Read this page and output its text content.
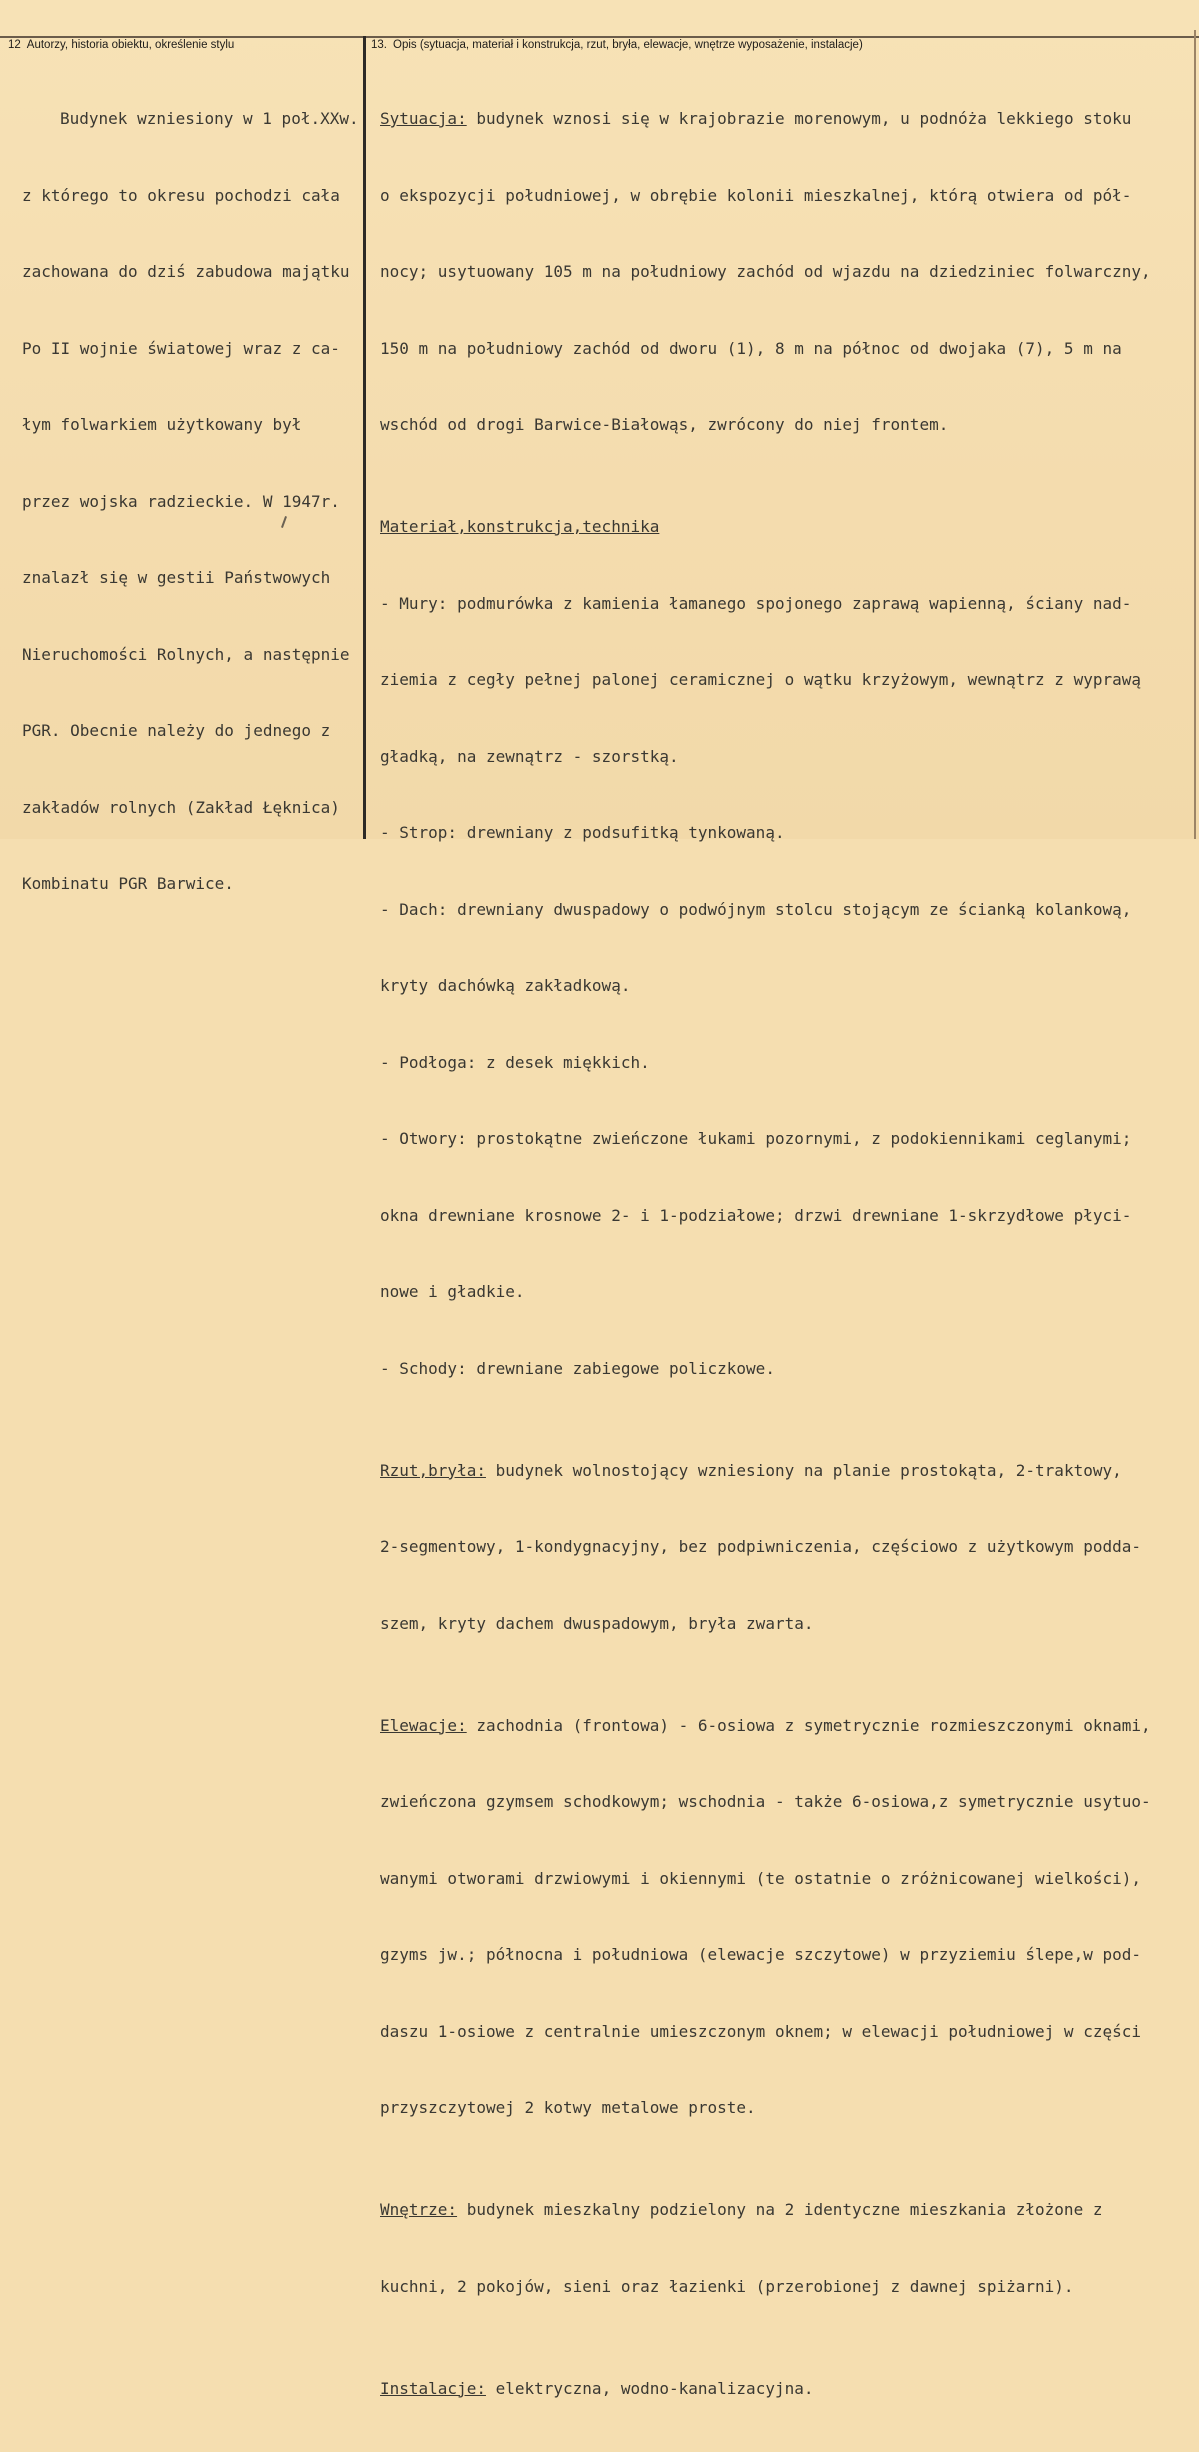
12 Autorzy, historia obiektu, określenie stylu	13. Opis (sytuacja, materiał i konstrukcja, rzut, bryła, elewacje, wnętrze wyposażenie, instalacje)

Budynek wzniesiony w 1 poł.XXw.

z którego to okresu pochodzi cała

zachowana do dziś zabudowa majątku

Po II wojnie światowej wraz z ca-

łym folwarkiem użytkowany był

przez wojska radzieckie. W 1947r.

znalazł się w gestii Państwowych

Nieruchomości Rolnych, a następnie

PGR. Obecnie należy do jednego z

zakładów rolnych (Zakład Łęknica)

Kombinatu PGR Barwice.

Sytuacja: budynek wznosi się w krajobrazie morenowym, u podnóża lekkiego stoku

o ekspozycji południowej, w obrębie kolonii mieszkalnej, którą otwiera od pół-

nocy; usytuowany 105 m na południowy zachód od wjazdu na dziedziniec folwarczny,

150 m na południowy zachód od dworu (1), 8 m na północ od dwojaka (7), 5 m na

wschód od drogi Barwice-Białowąs, zwrócony do niej frontem.

Materiał,konstrukcja,technika

- Mury: podmurówka z kamienia łamanego spojonego zaprawą wapienną, ściany nad-

ziemia z cegły pełnej palonej ceramicznej o wątku krzyżowym, wewnątrz z wyprawą

gładką, na zewnątrz - szorstką.

- Strop: drewniany z podsufitką tynkowaną.

- Dach: drewniany dwuspadowy o podwójnym stolcu stojącym ze ścianką kolankową,

kryty dachówką zakładkową.

- Podłoga: z desek miękkich.

- Otwory: prostokątne zwieńczone łukami pozornymi, z podokiennikami ceglanymi;

okna drewniane krosnowe 2- i 1-podziałowe; drzwi drewniane 1-skrzydłowe płyci-

nowe i gładkie.

- Schody: drewniane zabiegowe policzkowe.

Rzut,bryła: budynek wolnostojący wzniesiony na planie prostokąta, 2-traktowy,

2-segmentowy, 1-kondygnacyjny, bez podpiwniczenia, częściowo z użytkowym podda-

szem, kryty dachem dwuspadowym, bryła zwarta.

Elewacje: zachodnia (frontowa) - 6-osiowa z symetrycznie rozmieszczonymi oknami,

zwieńczona gzymsem schodkowym; wschodnia - także 6-osiowa,z symetrycznie usytuo-

wanymi otworami drzwiowymi i okiennymi (te ostatnie o zróżnicowanej wielkości),

gzyms jw.; północna i południowa (elewacje szczytowe) w przyziemiu ślepe,w pod-

daszu 1-osiowe z centralnie umieszczonym oknem; w elewacji południowej w części

przyszczytowej 2 kotwy metalowe proste.

Wnętrze: budynek mieszkalny podzielony na 2 identyczne mieszkania złożone z

kuchni, 2 pokojów, sieni oraz łazienki (przerobionej z dawnej spiżarni).

Instalacje: elektryczna, wodno-kanalizacyjna.
